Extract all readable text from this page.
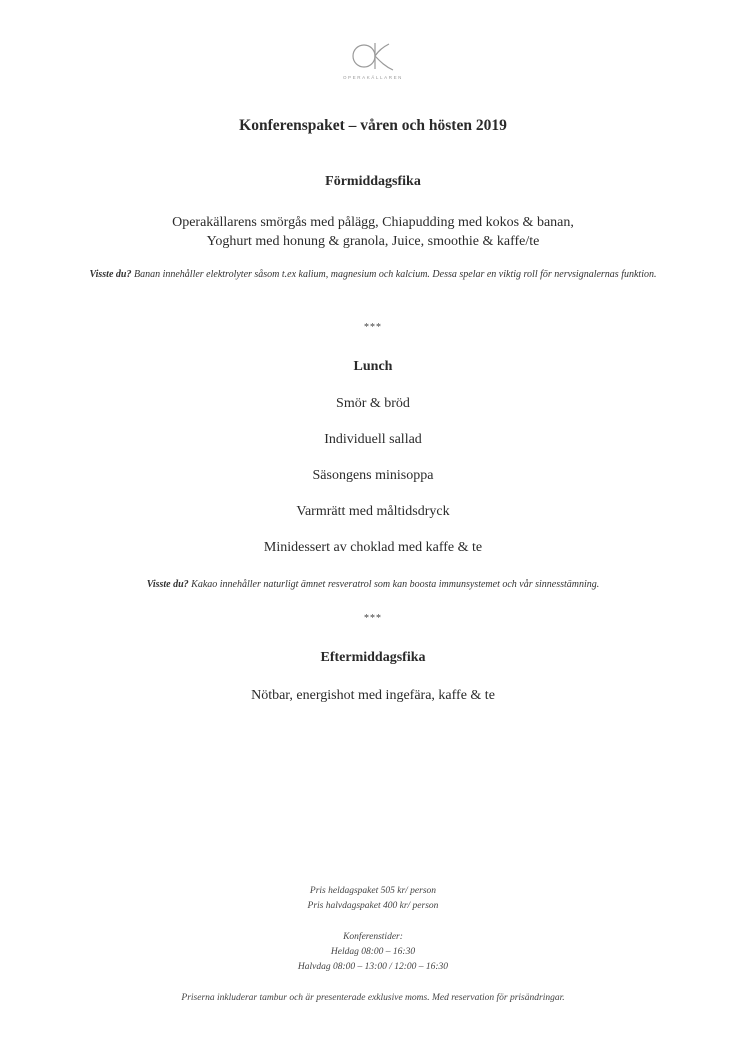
OPERAKÄLLAREN
Konferenspaket – våren och hösten 2019
Förmiddagsfika
Operakällarens smörgås med pålägg, Chiapudding med kokos & banan,
Yoghurt med honung & granola, Juice, smoothie & kaffe/te
Visste du? Banan innehåller elektrolyter såsom t.ex kalium, magnesium och kalcium. Dessa spelar en viktig roll för nervsignalernas funktion.
***
Lunch
Smör & bröd
Individuell sallad
Säsongens minisoppa
Varmrätt med måltidsdryck
Minidessert av choklad med kaffe & te
Visste du? Kakao innehåller naturligt ämnet resveratrol som kan boosta immunsystemet och vår sinnesstämning.
***
Eftermiddagsfika
Nötbar, energishot med ingefära, kaffe & te
Pris heldagspaket 505 kr/ person
Pris halvdagspaket 400 kr/ person
Konferenstider:
Heldag 08:00 – 16:30
Halvdag 08:00 – 13:00 / 12:00 – 16:30
Priserna inkluderar tambur och är presenterade exklusive moms. Med reservation för prisändringar.
